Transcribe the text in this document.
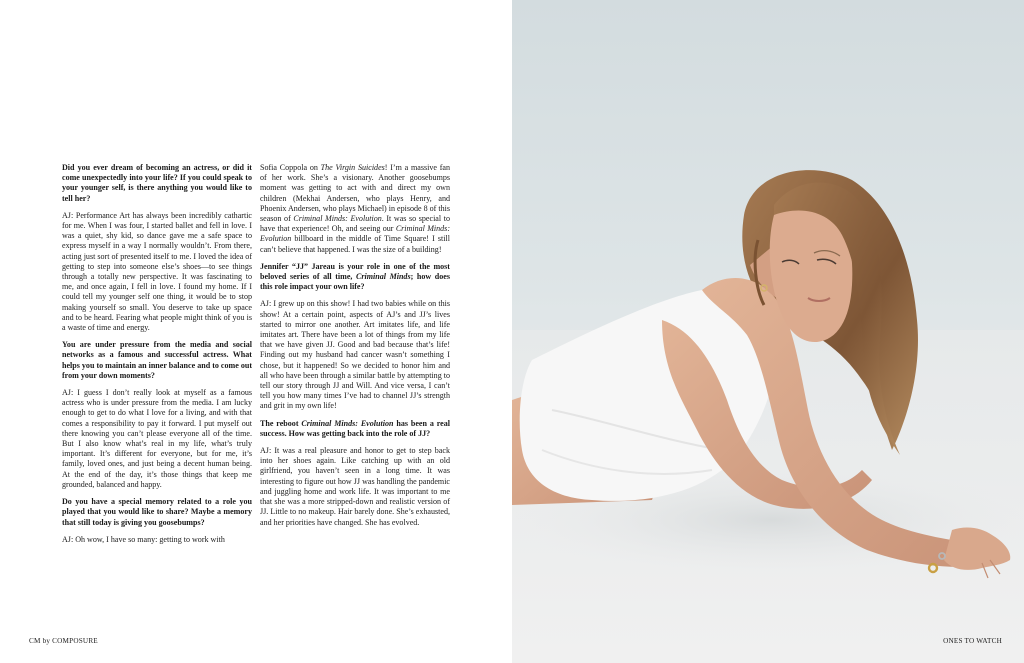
Did you ever dream of becoming an actress, or did it come unexpectedly into your life? If you could speak to your younger self, is there anything you would like to tell her?

AJ: Performance Art has always been incredibly cathartic for me. When I was four, I started ballet and fell in love. I was a quiet, shy kid, so dance gave me a safe space to express myself in a way I normally wouldn’t. From there, acting just sort of presented itself to me. I loved the idea of getting to step into someone else’s shoes—to see things through a totally new perspective. It was fascinating to me, and once again, I fell in love. I found my home. If I could tell my younger self one thing, it would be to stop making yourself so small. You deserve to take up space and to be heard. Fearing what people might think of you is a waste of time and energy.

You are under pressure from the media and social networks as a famous and successful actress. What helps you to maintain an inner balance and to come out from your down moments?

AJ: I guess I don’t really look at myself as a famous actress who is under pressure from the media. I am lucky enough to get to do what I love for a living, and with that comes a responsibility to pay it forward. I put myself out there knowing you can’t please everyone all of the time. But I also know what’s real in my life, what’s truly important. It’s different for everyone, but for me, it’s family, loved ones, and just being a decent human being. At the end of the day, it’s those things that keep me grounded, balanced and happy.

Do you have a special memory related to a role you played that you would like to share? Maybe a memory that still today is giving you goosebumps?

AJ: Oh wow, I have so many: getting to work with

Sofia Coppola on The Virgin Suicides! I’m a massive fan of her work. She’s a visionary. Another goosebumps moment was getting to act with and direct my own children (Mekhai Andersen, who plays Henry, and Phoenix Andersen, who plays Michael) in episode 8 of this season of Criminal Minds: Evolution. It was so special to have that experience! Oh, and seeing our Criminal Minds: Evolution billboard in the middle of Time Square! I still can’t believe that happened. I was the size of a building!

Jennifer “JJ” Jareau is your role in one of the most beloved series of all time, Criminal Minds; how does this role impact your own life?

AJ: I grew up on this show! I had two babies while on this show! At a certain point, aspects of AJ’s and JJ’s lives started to mirror one another. Art imitates life, and life imitates art. There have been a lot of things from my life that we have given JJ. Good and bad because that’s life! Finding out my husband had cancer wasn’t something I chose, but it happened! So we decided to honor him and all who have been through a similar battle by attempting to tell our story through JJ and Will. And vice versa, I can’t tell you how many times I’ve had to channel JJ’s strength and grit in my own life!

The reboot Criminal Minds: Evolution has been a real success. How was getting back into the role of JJ?

AJ: It was a real pleasure and honor to get to step back into her shoes again. Like catching up with an old girlfriend, you haven’t seen in a long time. It was interesting to figure out how JJ was handling the pandemic and juggling home and work life. It was important to me that she was a more stripped-down and realistic version of JJ. Little to no makeup. Hair barely done. She’s exhausted, and her priorities have changed. She has evolved.

CM by COMPOSURE	ONES TO WATCH
